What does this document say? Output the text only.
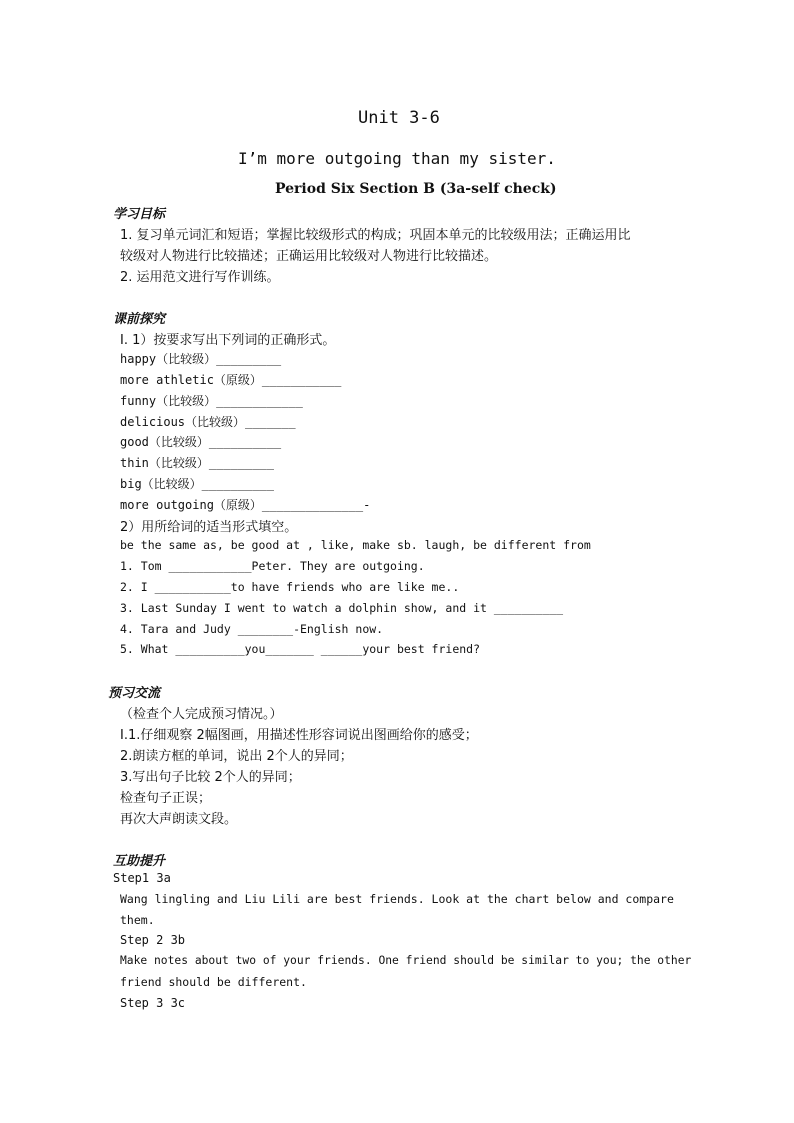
Unit 3-6
I’m more outgoing than my sister.
Period Six Section B (3a-self check)
学习目标
1. 复习单元词汇和短语；掌握比较级形式的构成；巩固本单元的比较级用法；正确运用比
较级对人物进行比较描述；正确运用比较级对人物进行比较描述。
2. 运用范文进行写作训练。
课前探究
I. 1）按要求写出下列词的正确形式。
happy（比较级）_________
more athletic（原级）___________
funny（比较级）____________
delicious（比较级）_______
good（比较级）__________
thin（比较级）_________
big（比较级）__________
more outgoing（原级）______________-
2）用所给词的适当形式填空。
be the same as, be good at , like, make sb. laugh, be different from
1. Tom ____________Peter. They are outgoing.
2. I ___________to have friends who are like me..
3. Last Sunday I went to watch a dolphin show, and it __________
4. Tara and Judy ________-English now.
5. What __________you_______ ______your best friend?
预习交流
（检查个人完成预习情况。）
I.1.仔细观察 2幅图画，用描述性形容词说出图画给你的感受；
2.朗读方框的单词，说出 2个人的异同；
3.写出句子比较 2个人的异同；
检查句子正误；
再次大声朗读文段。
互助提升
Step1 3a
Wang lingling and Liu Lili are best friends. Look at the chart below and compare
them.
Step 2 3b
Make notes about two of your friends. One friend should be similar to you; the other
friend should be different.
Step 3 3c
